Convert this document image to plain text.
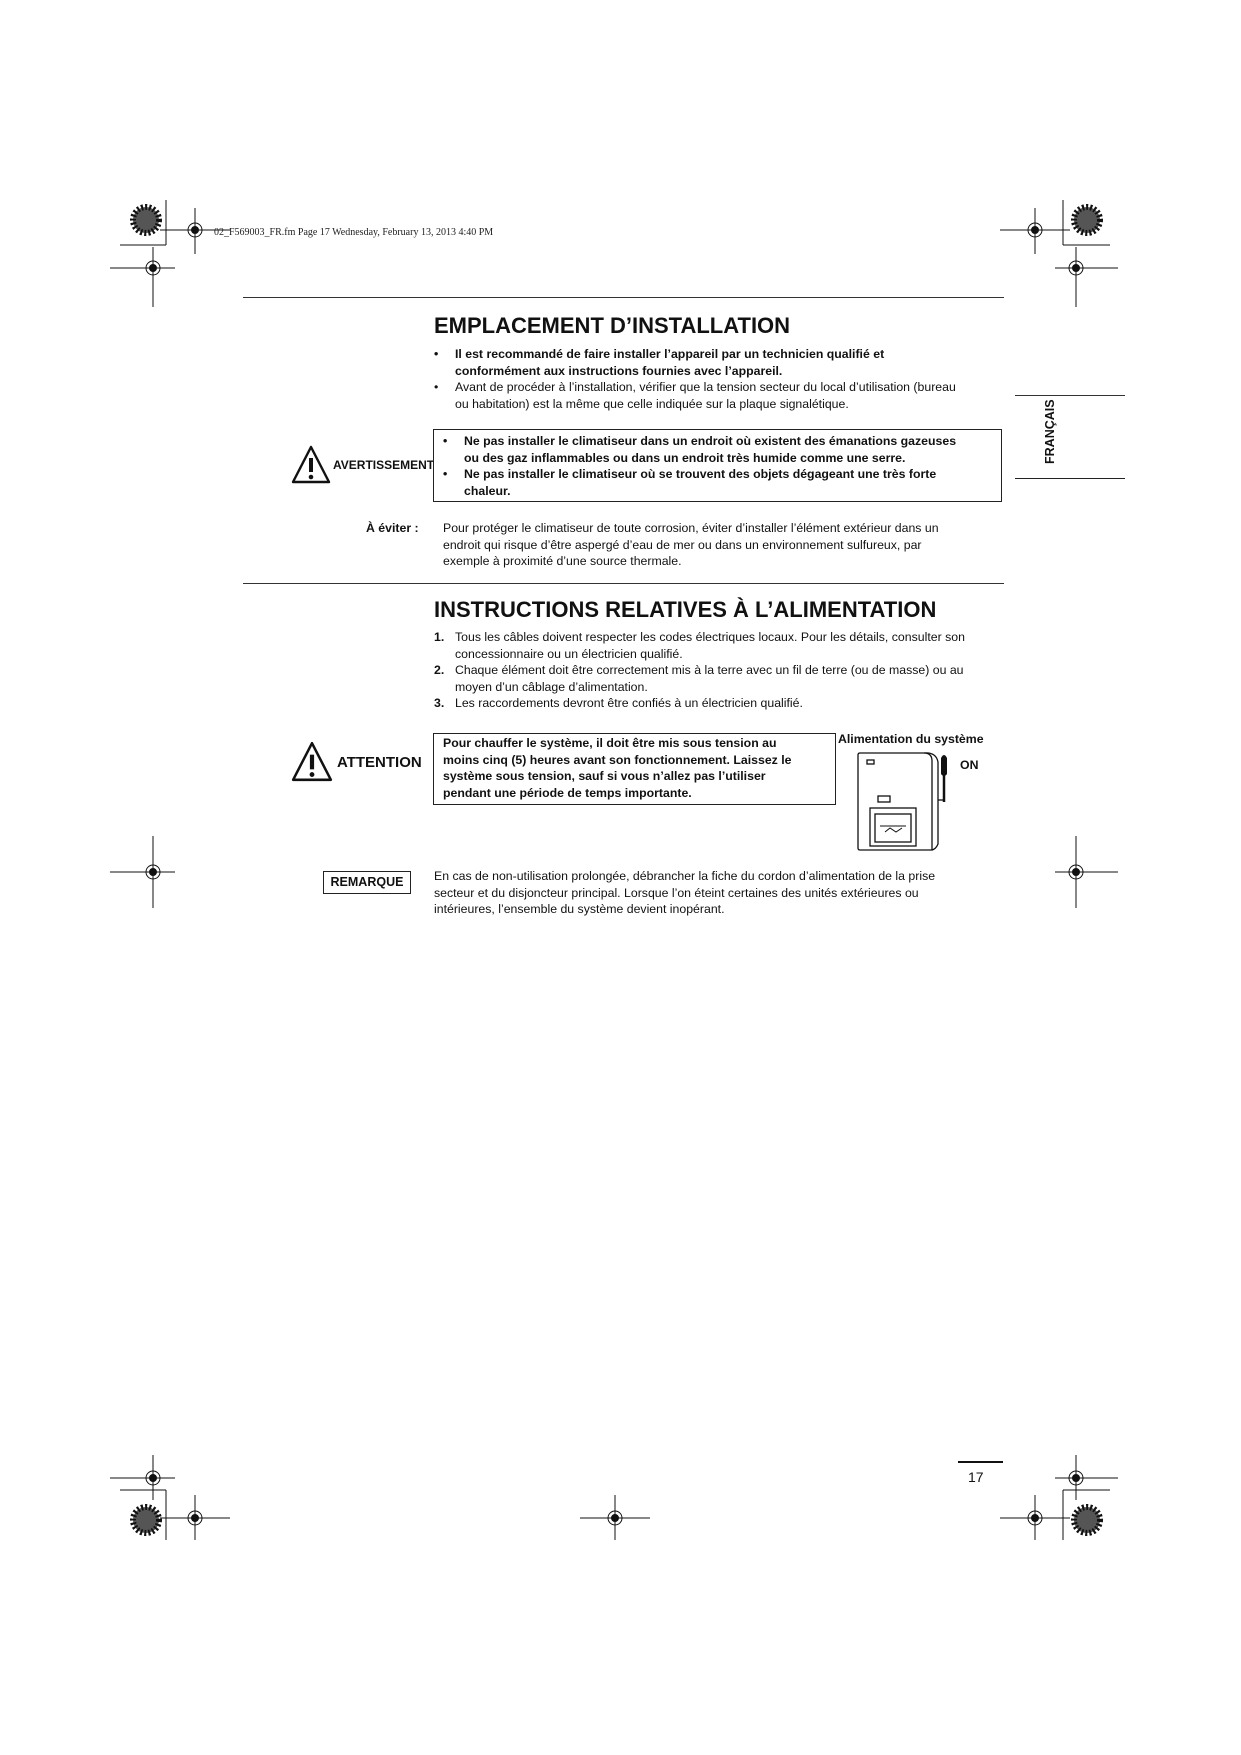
02_F569003_FR.fm Page 17 Wednesday, February 13, 2013 4:40 PM
EMPLACEMENT D’INSTALLATION
• Il est recommandé de faire installer l’appareil par un technicien qualifié et
conformément aux instructions fournies avec l’appareil.
• Avant de procéder à l’installation, vérifier que la tension secteur du local d’utilisation (bureau
ou habitation) est la même que celle indiquée sur la plaque signalétique.
AVERTISSEMENT
• Ne pas installer le climatiseur dans un endroit où existent des émanations gazeuses
ou des gaz inflammables ou dans un endroit très humide comme une serre.
• Ne pas installer le climatiseur où se trouvent des objets dégageant une très forte
chaleur.
À éviter : Pour protéger le climatiseur de toute corrosion, éviter d’installer l’élément extérieur dans un
endroit qui risque d’être aspergé d’eau de mer ou dans un environnement sulfureux, par
exemple à proximité d’une source thermale.
FRANÇAIS
INSTRUCTIONS RELATIVES À L’ALIMENTATION
1. Tous les câbles doivent respecter les codes électriques locaux. Pour les détails, consulter son
concessionnaire ou un électricien qualifié.
2. Chaque élément doit être correctement mis à la terre avec un fil de terre (ou de masse) ou au
moyen d’un câblage d’alimentation.
3. Les raccordements devront être confiés à un électricien qualifié.
ATTENTION
Pour chauffer le système, il doit être mis sous tension au
moins cinq (5) heures avant son fonctionnement. Laissez le
système sous tension, sauf si vous n’allez pas l’utiliser
pendant une période de temps importante.
Alimentation du système
ON
REMARQUE	En cas de non-utilisation prolongée, débrancher la fiche du cordon d’alimentation de la prise
secteur et du disjoncteur principal. Lorsque l’on éteint certaines des unités extérieures ou
intérieures, l’ensemble du système devient inopérant.
17
